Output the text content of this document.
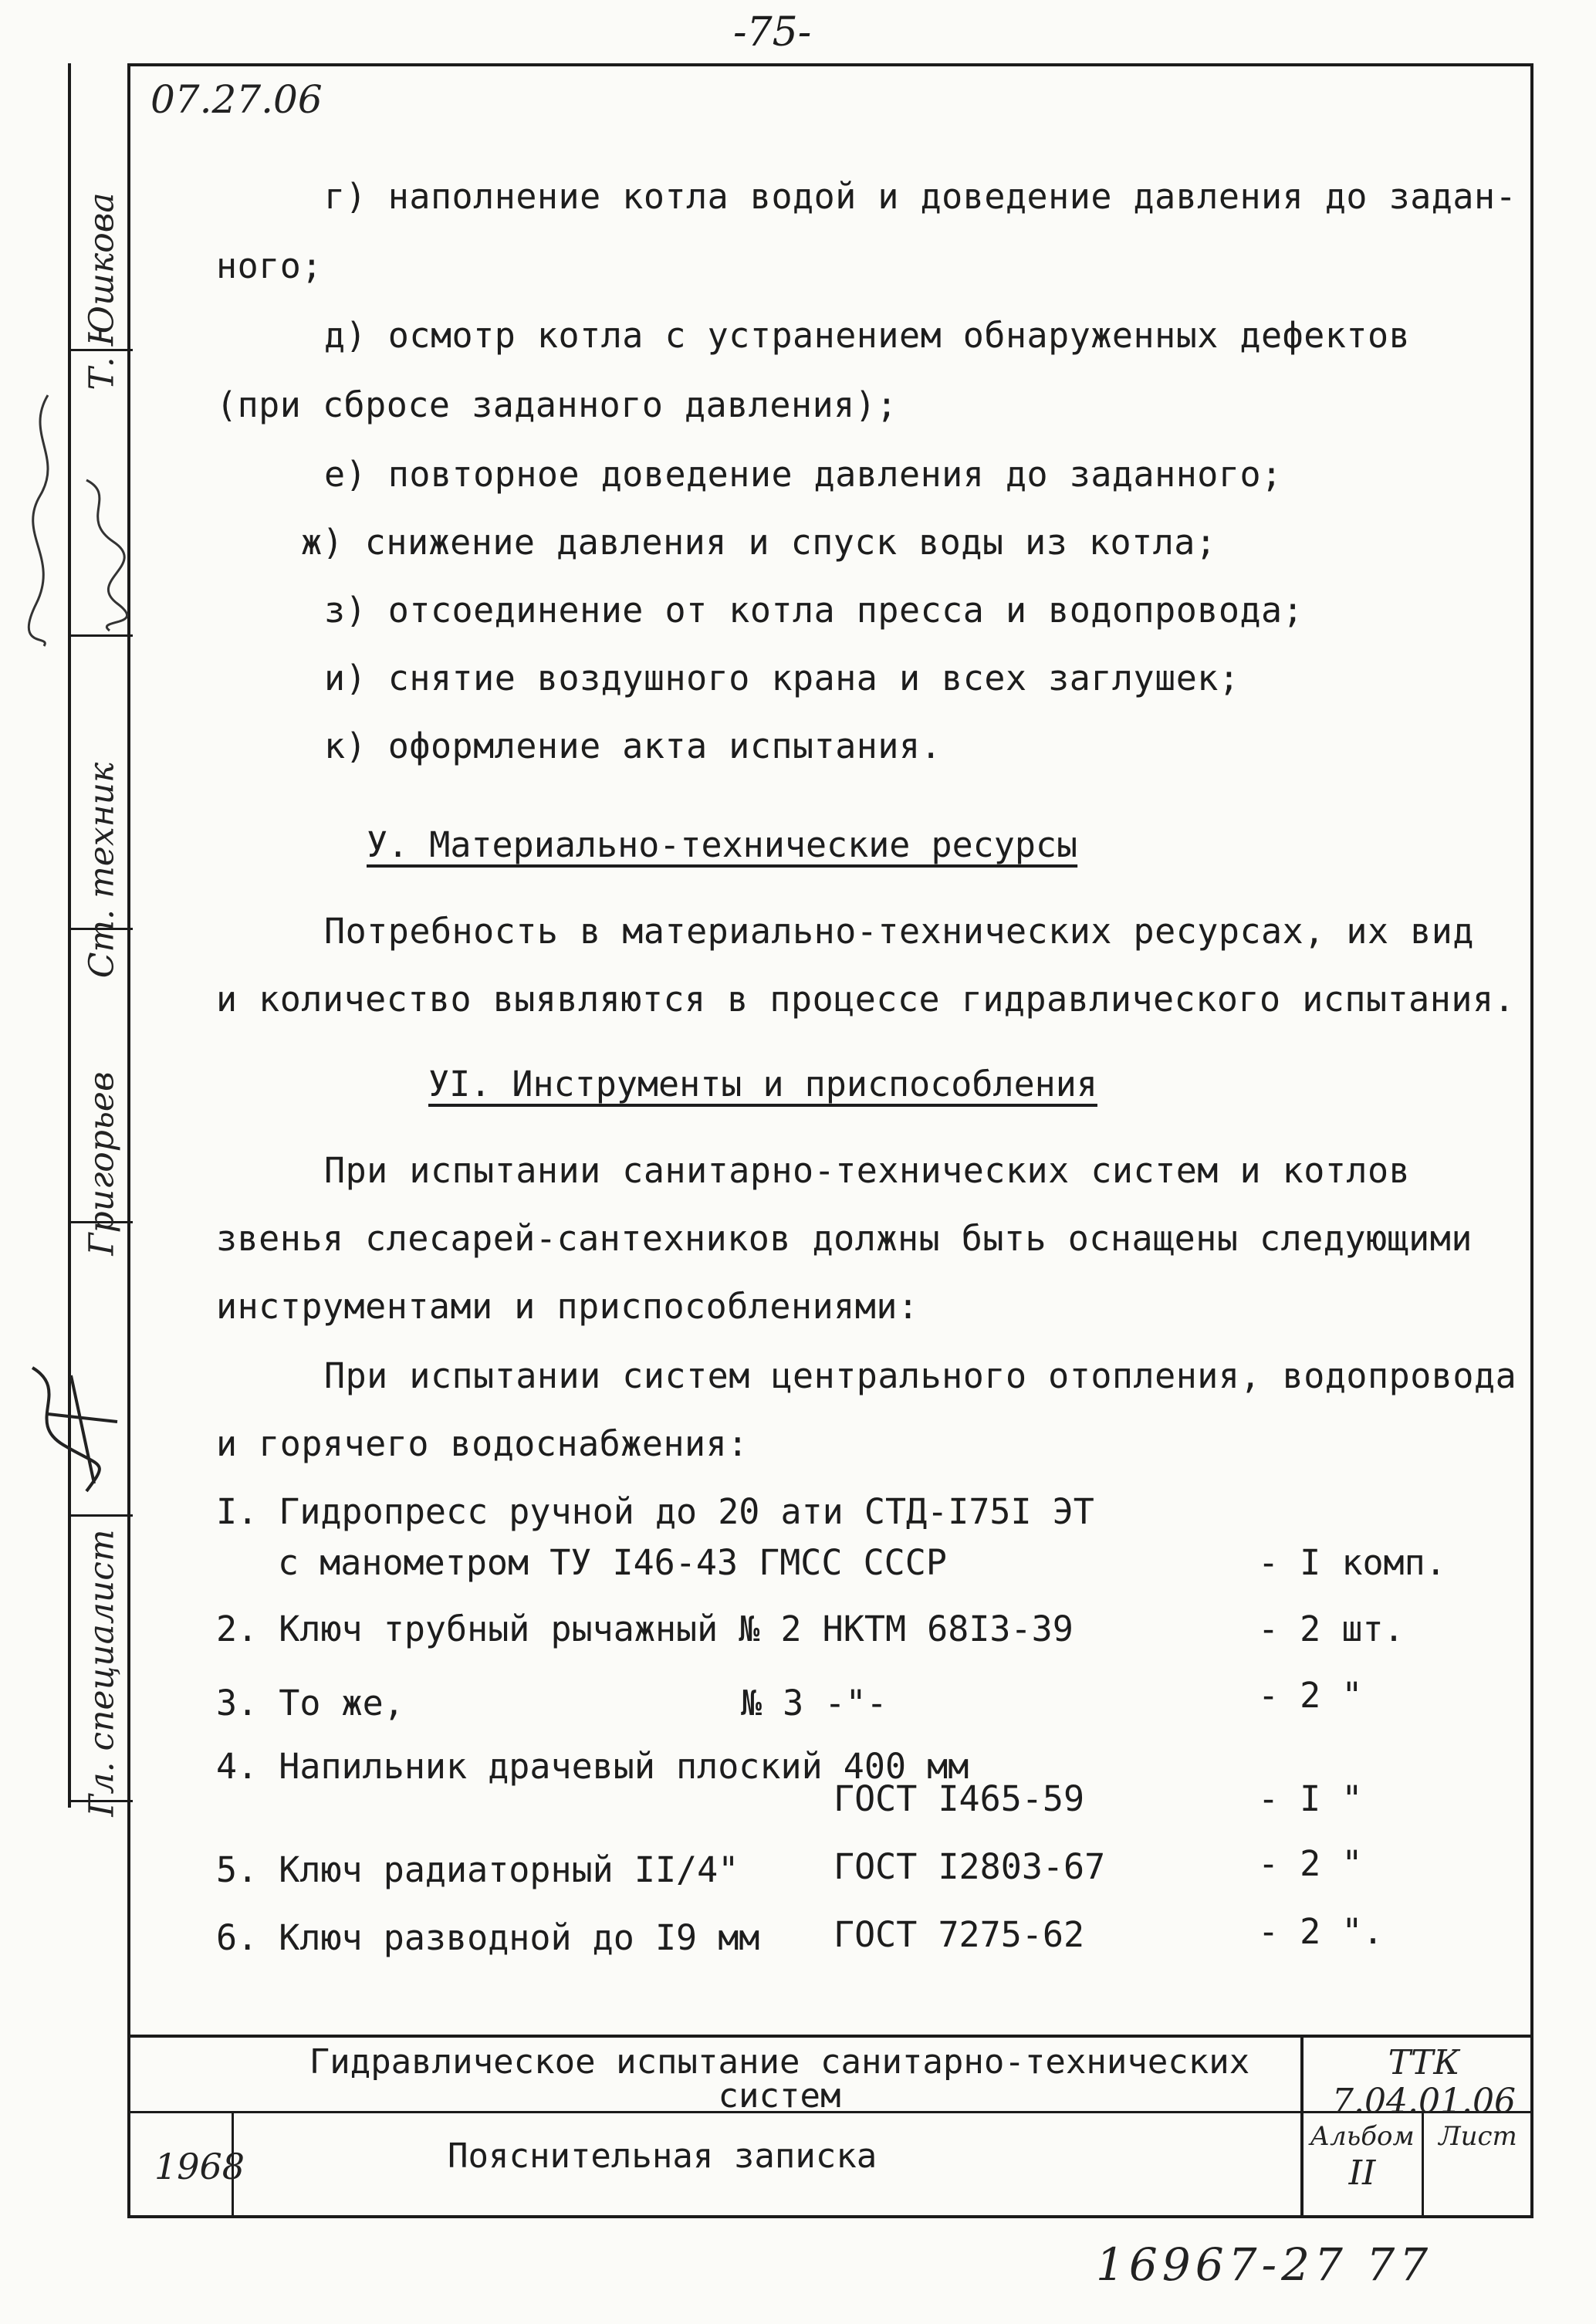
-75-
Т. Юшкова
Ст. техник
Григорьев
Гл. специалист
07.27.06
г) наполнение котла водой и доведение давления до задан-
ного;
д) осмотр котла с устранением обнаруженных дефектов
(при сбросе заданного давления);
е) повторное доведение давления до заданного;
ж) снижение давления и спуск воды из котла;
з) отсоединение от котла пресса и водопровода;
и) снятие воздушного крана и всех заглушек;
к) оформление акта испытания.
У. Материально-технические ресурсы
Потребность в материально-технических ресурсах, их вид
и количество выявляются в процессе гидравлического испытания.
УI. Инструменты и приспособления
При испытании санитарно-технических систем и котлов
звенья слесарей-сантехников должны быть оснащены следующими
инструментами и приспособлениями:
При испытании систем центрального отопления, водопровода
и горячего водоснабжения:
I. Гидропресс ручной до 20 ати СТД-I75I ЭТ
с манометром ТУ I46-43 ГМСС СССР	- I комп.
2. Ключ трубный рычажный № 2 НКТМ 68I3-39	- 2 шт.
3. То же,	№ 3 -"-	- 2 "
4. Напильник драчевый плоский 400 мм
ГОСТ I465-59	- I "
5. Ключ радиаторный II/4"	ГОСТ I2803-67	- 2 "
6. Ключ разводной до I9 мм ГОСТ 7275-62	- 2 ".
Гидравлическое испытание санитарно-технических систем
Пояснительная записка
1968
ТТК
7.04.01.06
Альбом
II
Лист
16967-27 77
